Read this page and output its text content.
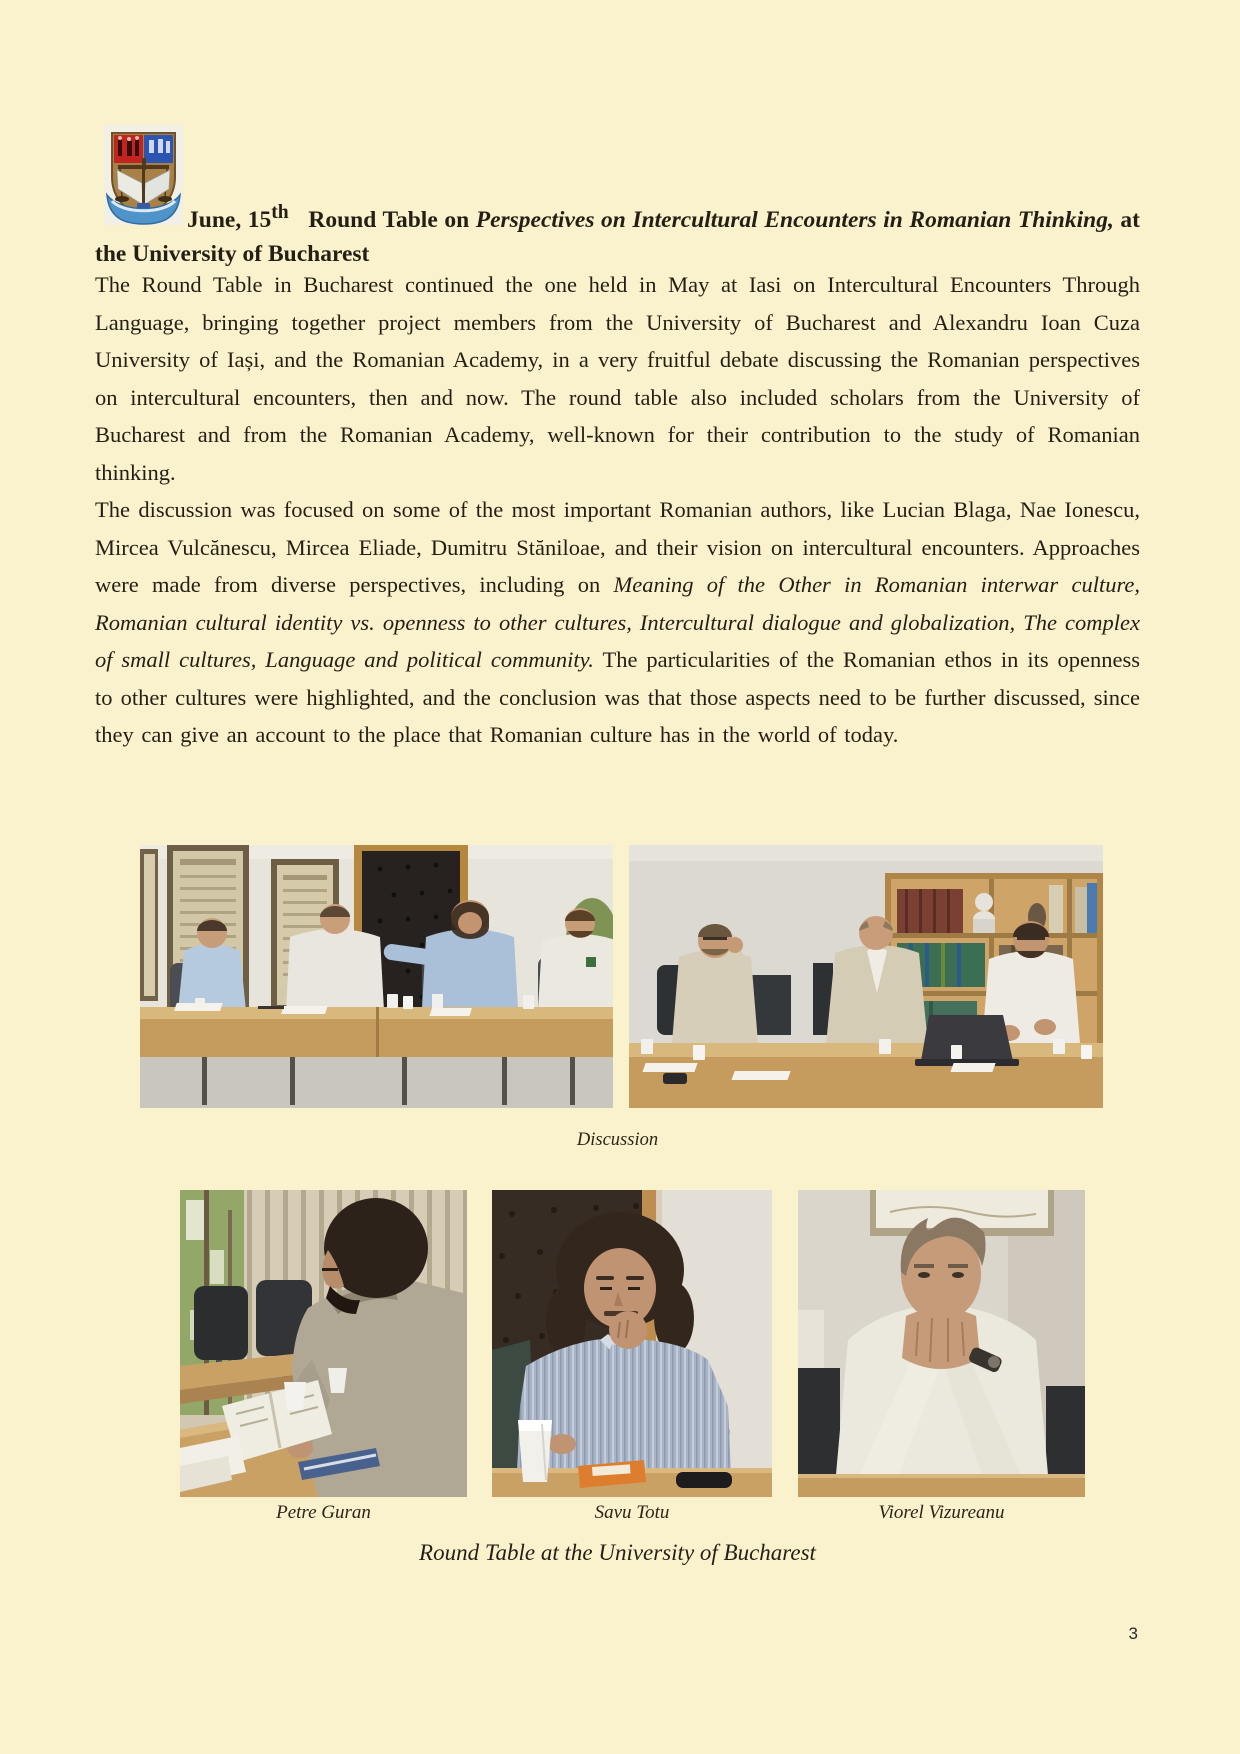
June, 15th   Round Table on Perspectives on Intercultural Encounters in Romanian Thinking, at the University of Bucharest

The Round Table in Bucharest continued the one held in May at Iasi on Intercultural Encounters Through Language, bringing together project members from the University of Bucharest and Alexandru Ioan Cuza University of Iași, and the Romanian Academy, in a very fruitful debate discussing the Romanian perspectives on intercultural encounters, then and now. The round table also included scholars from the University of Bucharest and from the Romanian Academy, well-known for their contribution to the study of Romanian thinking.

The discussion was focused on some of the most important Romanian authors, like Lucian Blaga, Nae Ionescu, Mircea Vulcănescu, Mircea Eliade, Dumitru Stăniloae, and their vision on intercultural encounters. Approaches were made from diverse perspectives, including on Meaning of the Other in Romanian interwar culture, Romanian cultural identity vs. openness to other cultures, Intercultural dialogue and globalization, The complex of small cultures, Language and political community. The particularities of the Romanian ethos in its openness to other cultures were highlighted, and the conclusion was that those aspects need to be further discussed, since they can give an account to the place that Romanian culture has in the world of today.

Discussion
Petre Guran	Savu Totu	Viorel Vizureanu
Round Table at the University of Bucharest
3
